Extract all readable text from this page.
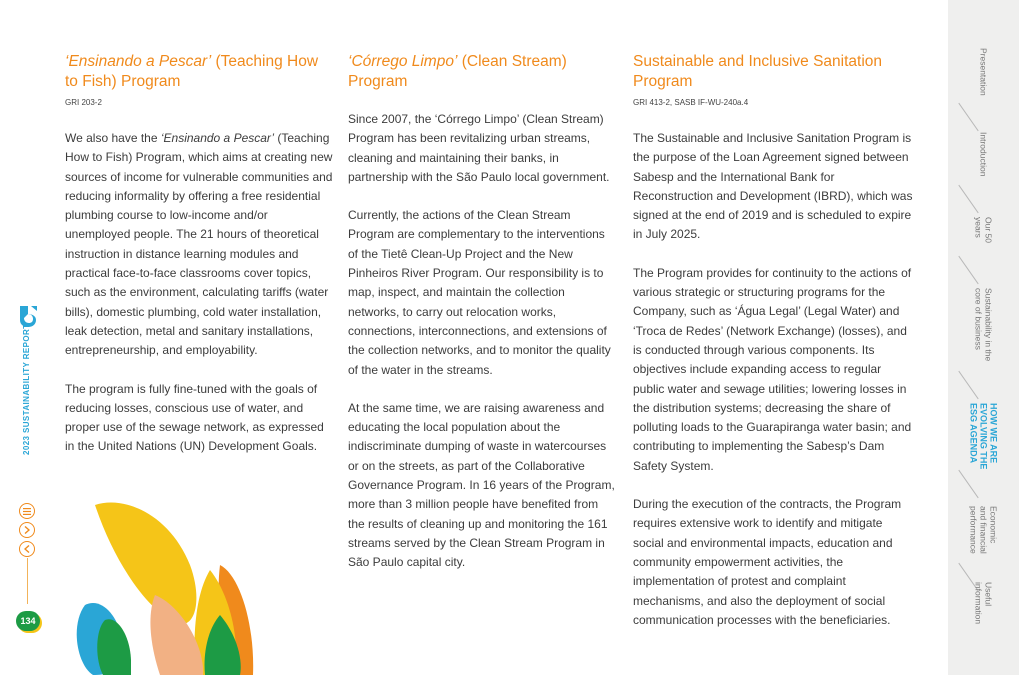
2023 SUSTAINABILITY REPORT
134
‘Ensinando a Pescar’ (Teaching How to Fish) Program
GRI 203-2

We also have the ‘Ensinando a Pescar’ (Teaching How to Fish) Program, which aims at creating new sources of income for vulnerable communities and reducing informality by offering a free residential plumbing course to low-income and/or unemployed people. The 21 hours of theoretical instruction in distance learning modules and practical face-to-face classrooms cover topics, such as the environment, calculating tariffs (water bills), domestic plumbing, cold water installation, leak detection, metal and sanitary installations, entrepreneurship, and employability.

The program is fully fine-tuned with the goals of reducing losses, conscious use of water, and proper use of the sewage network, as expressed in the United Nations (UN) Development Goals.

‘Córrego Limpo’ (Clean Stream) Program

Since 2007, the ‘Córrego Limpo’ (Clean Stream) Program has been revitalizing urban streams, cleaning and maintaining their banks, in partnership with the São Paulo local government.

Currently, the actions of the Clean Stream Program are complementary to the interventions of the Tietê Clean-Up Project and the New Pinheiros River Program. Our responsibility is to map, inspect, and maintain the collection networks, to carry out relocation works, connections, interconnections, and extensions of the collection networks, and to monitor the quality of the water in the streams.

At the same time, we are raising awareness and educating the local population about the indiscriminate dumping of waste in watercourses or on the streets, as part of the Collaborative Governance Program. In 16 years of the Program, more than 3 million people have benefited from the results of cleaning up and monitoring the 161 streams served by the Clean Stream Program in São Paulo capital city.

Sustainable and Inclusive Sanitation Program
GRI 413-2, SASB IF-WU-240a.4

The Sustainable and Inclusive Sanitation Program is the purpose of the Loan Agreement signed between Sabesp and the International Bank for Reconstruction and Development (IBRD), which was signed at the end of 2019 and is scheduled to expire in July 2025.

The Program provides for continuity to the actions of various strategic or structuring programs for the Company, such as ‘Água Legal’ (Legal Water) and ‘Troca de Redes’ (Network Exchange) (losses), and is conducted through various components. Its objectives include expanding access to regular public water and sewage utilities; lowering losses in the distribution systems; decreasing the share of polluting loads to the Guarapiranga water basin; and contributing to implementing the Sabesp’s Dam Safety System.

During the execution of the contracts, the Program requires extensive work to identify and mitigate social and environmental impacts, education and community empowerment activities, the implementation of protest and complaint mechanisms, and also the deployment of social communication processes with the beneficiaries.

Presentation
Introduction
Our 50
years
Sustainability in the
core of business
HOW WE ARE
EVOLVING THE
ESG AGENDA
Economic
and financial
performance
Useful
information
